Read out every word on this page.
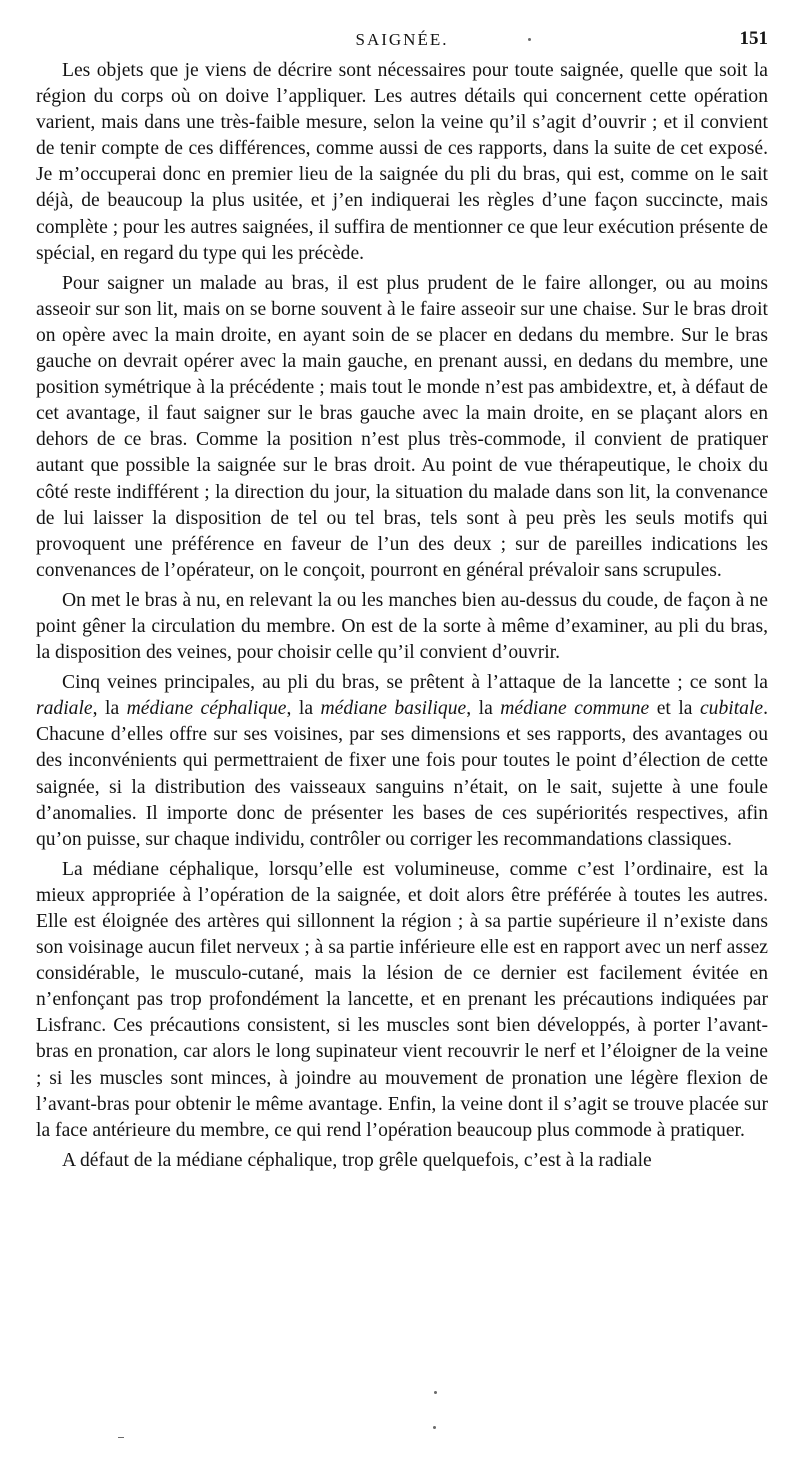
SAIGNÉE.	151

Les objets que je viens de décrire sont nécessaires pour toute saignée, quelle que soit la région du corps où on doive l’appliquer. Les autres détails qui concernent cette opération varient, mais dans une très-faible mesure, selon la veine qu’il s’agit d’ouvrir ; et il convient de tenir compte de ces différences, comme aussi de ces rapports, dans la suite de cet exposé. Je m’occuperai donc en premier lieu de la saignée du pli du bras, qui est, comme on le sait déjà, de beaucoup la plus usitée, et j’en indiquerai les règles d’une façon succincte, mais complète ; pour les autres saignées, il suffira de mentionner ce que leur exécution présente de spécial, en regard du type qui les précède.

Pour saigner un malade au bras, il est plus prudent de le faire allonger, ou au moins asseoir sur son lit, mais on se borne souvent à le faire asseoir sur une chaise. Sur le bras droit on opère avec la main droite, en ayant soin de se placer en dedans du membre. Sur le bras gauche on devrait opérer avec la main gauche, en prenant aussi, en dedans du membre, une position symétrique à la précédente ; mais tout le monde n’est pas ambidextre, et, à défaut de cet avantage, il faut saigner sur le bras gauche avec la main droite, en se plaçant alors en dehors de ce bras. Comme la position n’est plus très-commode, il convient de pratiquer autant que possible la saignée sur le bras droit. Au point de vue thérapeutique, le choix du côté reste indifférent ; la direction du jour, la situation du malade dans son lit, la convenance de lui laisser la disposition de tel ou tel bras, tels sont à peu près les seuls motifs qui provoquent une préférence en faveur de l’un des deux ; sur de pareilles indications les convenances de l’opérateur, on le conçoit, pourront en général prévaloir sans scrupules.

On met le bras à nu, en relevant la ou les manches bien au-dessus du coude, de façon à ne point gêner la circulation du membre. On est de la sorte à même d’examiner, au pli du bras, la disposition des veines, pour choisir celle qu’il convient d’ouvrir.

Cinq veines principales, au pli du bras, se prêtent à l’attaque de la lancette ; ce sont la radiale, la médiane céphalique, la médiane basilique, la médiane commune et la cubitale. Chacune d’elles offre sur ses voisines, par ses dimensions et ses rapports, des avantages ou des inconvénients qui permettraient de fixer une fois pour toutes le point d’élection de cette saignée, si la distribution des vaisseaux sanguins n’était, on le sait, sujette à une foule d’anomalies. Il importe donc de présenter les bases de ces supériorités respectives, afin qu’on puisse, sur chaque individu, contrôler ou corriger les recommandations classiques.

La médiane céphalique, lorsqu’elle est volumineuse, comme c’est l’ordinaire, est la mieux appropriée à l’opération de la saignée, et doit alors être préférée à toutes les autres. Elle est éloignée des artères qui sillonnent la région ; à sa partie supérieure il n’existe dans son voisinage aucun filet nerveux ; à sa partie inférieure elle est en rapport avec un nerf assez considérable, le musculo-cutané, mais la lésion de ce dernier est facilement évitée en n’enfonçant pas trop profondément la lancette, et en prenant les précautions indiquées par Lisfranc. Ces précautions consistent, si les muscles sont bien développés, à porter l’avant-bras en pronation, car alors le long supinateur vient recouvrir le nerf et l’éloigner de la veine ; si les muscles sont minces, à joindre au mouvement de pronation une légère flexion de l’avant-bras pour obtenir le même avantage. Enfin, la veine dont il s’agit se trouve placée sur la face antérieure du membre, ce qui rend l’opération beaucoup plus commode à pratiquer.

A défaut de la médiane céphalique, trop grêle quelquefois, c’est à la radiale
